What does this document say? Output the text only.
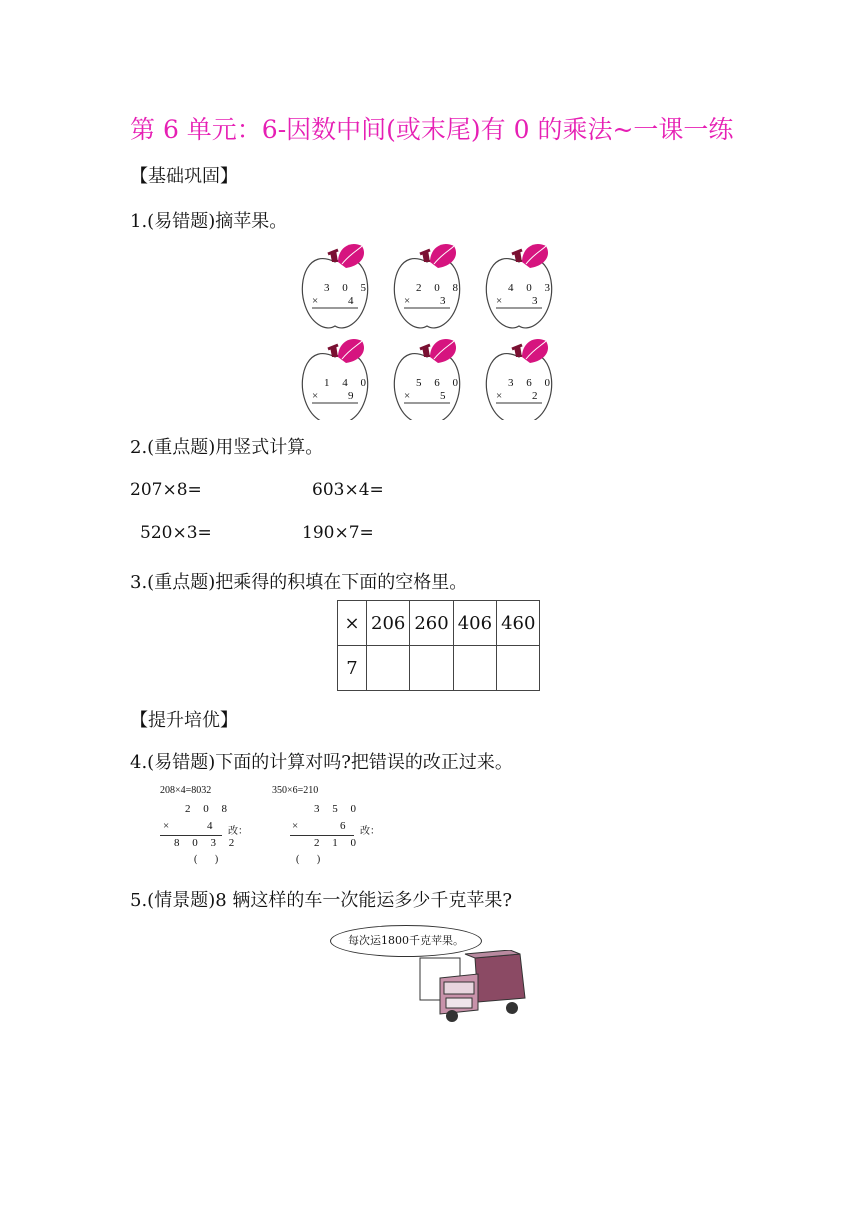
第 6 单元：6-因数中间(或末尾)有 0 的乘法~一课一练
【基础巩固】
1.(易错题)摘苹果。
3 0 5
× 4
2 0 8
× 3
4 0 3
× 3
1 4 0
× 9
5 6 0
× 5
3 6 0
× 2
2.(重点题)用竖式计算。
207×8=	603×4=
520×3=	190×7=
3.(重点题)把乘得的积填在下面的空格里。
×	206	260	406	460
7				
【提升培优】
4.(易错题)下面的计算对吗?把错误的改正过来。
208×4=8032
2 0 8
×	4
8 0 3 2
改：
(       )
350×6=210
3 5 0
×	6
2 1 0
改：
(       )
5.(情景题)8 辆这样的车一次能运多少千克苹果?
每次运1800千克苹果。
